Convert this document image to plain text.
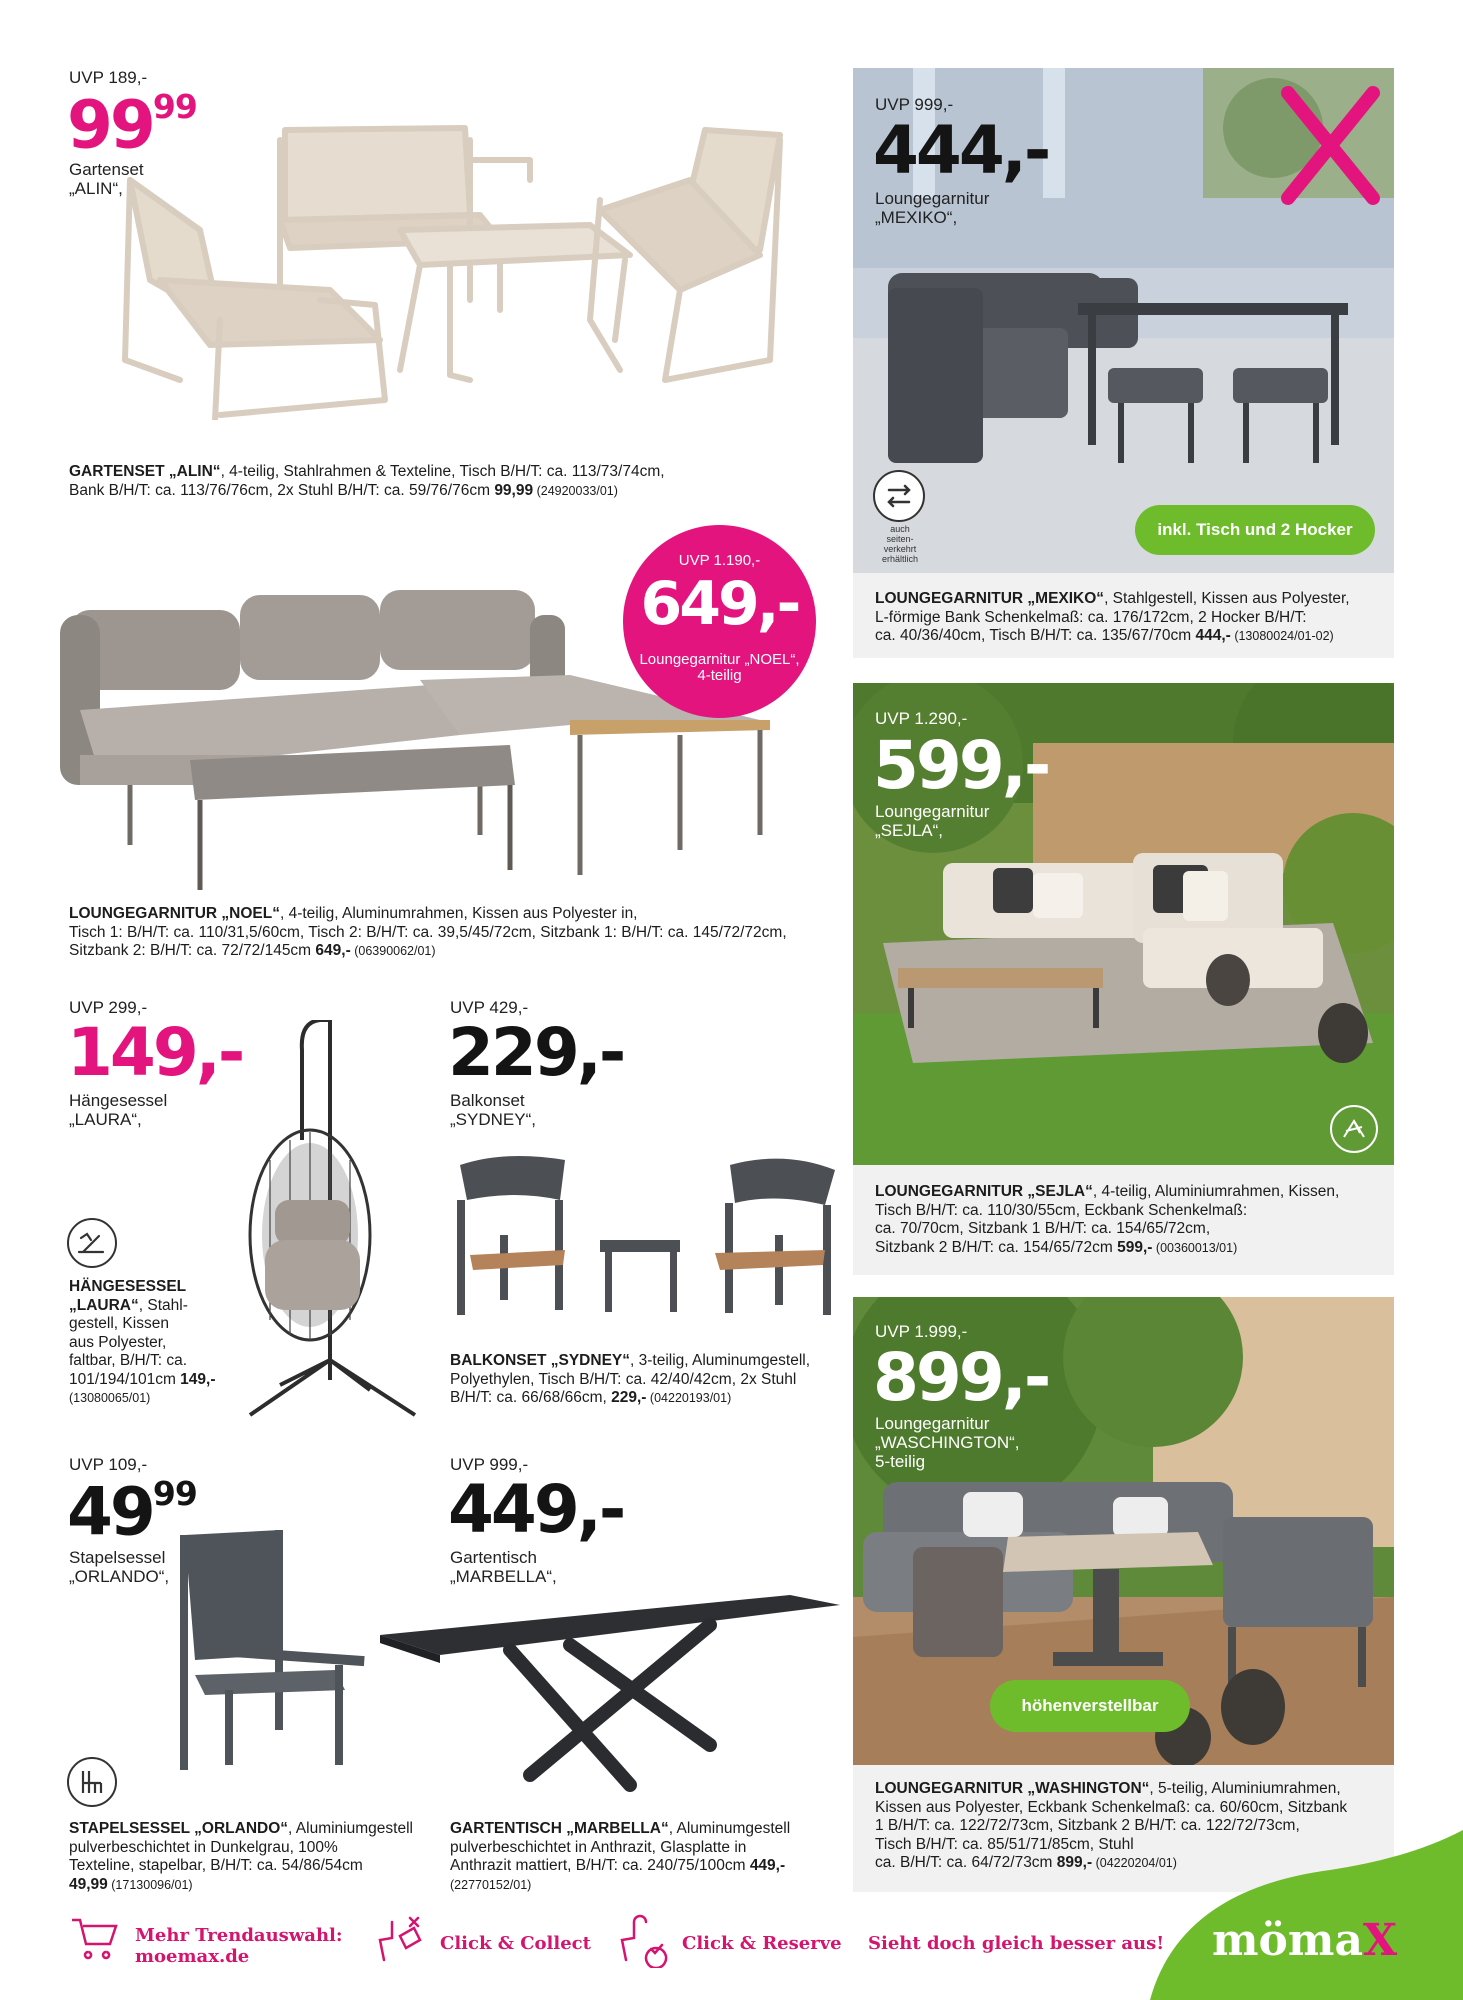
UVP 189,-
$99^{99}$
Gartenset
„ALIN“,
GARTENSET „ALIN“, 4-teilig, Stahlrahmen & Texteline, Tisch B/H/T: ca. 113/73/74cm,
Bank B/H/T: ca. 113/76/76cm, 2x Stuhl B/H/T: ca. 59/76/76cm 99,99 (24920033/01)
UVP 999,-
444,-
Loungegarnitur
„MEXIKO“,
auch
seiten-
verkehrt
erhältlich
inkl. Tisch und 2 Hocker
LOUNGEGARNITUR „MEXIKO“, Stahlgestell, Kissen aus Polyester,
L-förmige Bank Schenkelmaß: ca. 176/172cm, 2 Hocker B/H/T:
ca. 40/36/40cm, Tisch B/H/T: ca. 135/67/70cm 444,- (13080024/01-02)
UVP 1.190,-
649,-
Loungegarnitur „NOEL“,
4-teilig
LOUNGEGARNITUR „NOEL“, 4-teilig, Aluminumrahmen, Kissen aus Polyester in,
Tisch 1: B/H/T: ca. 110/31,5/60cm, Tisch 2: B/H/T: ca. 39,5/45/72cm, Sitzbank 1: B/H/T: ca. 145/72/72cm,
Sitzbank 2: B/H/T: ca. 72/72/145cm 649,- (06390062/01)
UVP 1.290,-
599,-
Loungegarnitur
„SEJLA“,
LOUNGEGARNITUR „SEJLA“, 4-teilig, Aluminiumrahmen, Kissen,
Tisch B/H/T: ca. 110/30/55cm, Eckbank Schenkelmaß:
ca. 70/70cm, Sitzbank 1 B/H/T: ca. 154/65/72cm,
Sitzbank 2 B/H/T: ca. 154/65/72cm 599,- (00360013/01)
UVP 299,-
149,-
Hängesessel
„LAURA“,
HÄNGESESSEL
„LAURA“, Stahl-
gestell, Kissen
aus Polyester,
faltbar, B/H/T: ca.
101/194/101cm 149,-
(13080065/01)
UVP 429,-
229,-
Balkonset
„SYDNEY“,
BALKONSET „SYDNEY“, 3-teilig, Aluminumgestell,
Polyethylen, Tisch B/H/T: ca. 42/40/42cm, 2x Stuhl
B/H/T: ca. 66/68/66cm, 229,- (04220193/01)
UVP 1.999,-
899,-
Loungegarnitur
„WASCHINGTON“,
5-teilig
höhenverstellbar
LOUNGEGARNITUR „WASHINGTON“, 5-teilig, Aluminiumrahmen,
Kissen aus Polyester, Eckbank Schenkelmaß: ca. 60/60cm, Sitzbank
1 B/H/T: ca. 122/72/73cm, Sitzbank 2 B/H/T: ca. 122/72/73cm,
Tisch B/H/T: ca. 85/51/71/85cm, Stuhl
ca. B/H/T: ca. 64/72/73cm 899,- (04220204/01)
UVP 109,-
$49^{99}$
Stapelsessel
„ORLANDO“,
STAPELSESSEL „ORLANDO“, Aluminiumgestell
pulverbeschichtet in Dunkelgrau, 100%
Texteline, stapelbar, B/H/T: ca. 54/86/54cm
49,99 (17130096/01)
UVP 999,-
449,-
Gartentisch
„MARBELLA“,
GARTENTISCH „MARBELLA“, Aluminumgestell
pulverbeschichtet in Anthrazit, Glasplatte in
Anthrazit mattiert, B/H/T: ca. 240/75/100cm 449,-
(22770152/01)
mömaX
Mehr Trendauswahl:
moemax.de
Click & Collect	Click & Reserve Sieht doch gleich besser aus!
